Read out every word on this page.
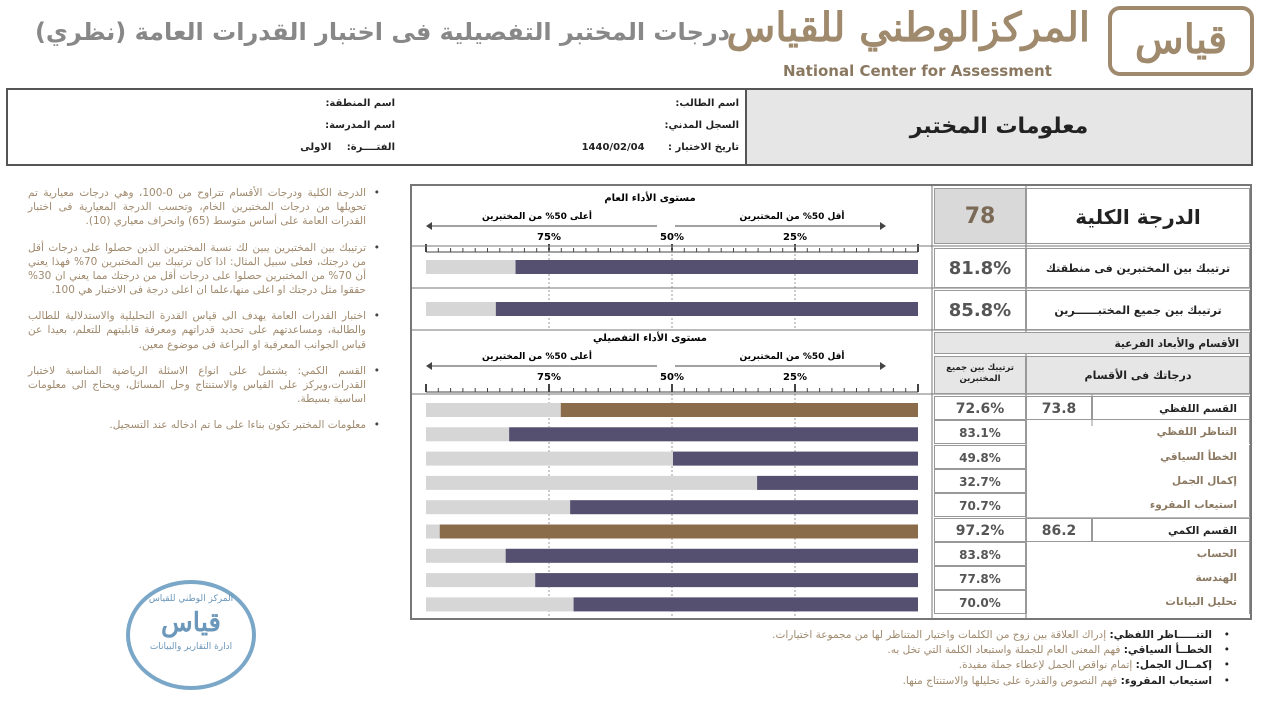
درجات المختبر التفصيلية فى اختبار القدرات العامة (نظري)
المركزالوطني للقياس
National Center for Assessment
قياس
معلومات المختبر
اسم الطالب:
السجل المدني:
تاريخ الاختبار : 1440/02/04
اسم المنطقة:
اسم المدرسة:
الفتــــرة: الاولى

• الدرجة الكلية ودرجات الأقسام تتراوح من 0-100، وهي درجات معيارية تم تحويلها من درجات المختبرين الخام، وتحسب الدرجة المعيارية فى اختبار القدرات العامة على أساس متوسط (65) وانحراف معياري (10).

• ترتيبك بين المختبرين يبين لك نسبة المختبرين الذين حصلوا على درجات أقل من درجتك، فعلى سبيل المثال: اذا كان ترتيبك بين المختبرين 70% فهذا يعني أن 70% من المختبرين حصلوا على درجات أقل من درجتك مما يعني ان 30% حققوا مثل درجتك او اعلى منها،علما ان اعلى درجة فى الاختبار هي 100.

• اختبار القدرات العامة يهدف الى قياس القدرة التحليلية والاستدلالية للطالب والطالبة، ومساعدتهم على تحديد قدراتهم ومعرفة قابليتهم للتعلم، بعيدا عن قياس الجوانب المعرفية او البراعة فى موضوع معين.

• القسم الكمي: يشتمل على انواع الاسئلة الرياضية المناسبة لاختبار القدرات،ويركز على القياس والاستنتاج وحل المسائل، ويحتاج الى معلومات اساسية بسيطة.

• معلومات المختبر تكون بناءا على ما تم ادخاله عند التسجيل.

المركز الوطني للقياس
قياس
ادارة التقارير والبيانات
مستوى الأداء العام
أقل 50% من المختبرين
أعلى 50% من المختبرين
75%	50%	25%
مستوى الأداء التفصيلي
أقل 50% من المختبرين
أعلى 50% من المختبرين
75%	50%	25%
78	الدرجة الكلية
81.8%	ترتيبك بين المختبرين فى منطقتك
85.8%	ترتيبك بين جميع المختبــــــرين
الأقسام والأبعاد الفرعية
ترتيبك بين جميع المختبرين	درجاتك فى الأقسام
72.6%	73.8	القسم اللفظي
83.1%	التناظر اللفظي
49.8%	الخطأ السياقي
32.7%	إكمال الجمل
70.7%	استيعاب المقروء
97.2%	86.2	القسم الكمي
83.8%	الحساب
77.8%	الهندسة
70.0%	تحليل البيانات
• التنـــــاظر اللفظي: إدراك العلاقة بين زوج من الكلمات واختيار المتناظر لها من مجموعة اختيارات.
• الخطــأ السياقي: فهم المعنى العام للجملة واستبعاد الكلمة التي تخل به.
• إكمــال الجمل: إتمام نواقص الجمل لإعطاء جملة مفيدة.
• استيعاب المقروء: فهم النصوص والقدرة على تحليلها والاستنتاج منها.
